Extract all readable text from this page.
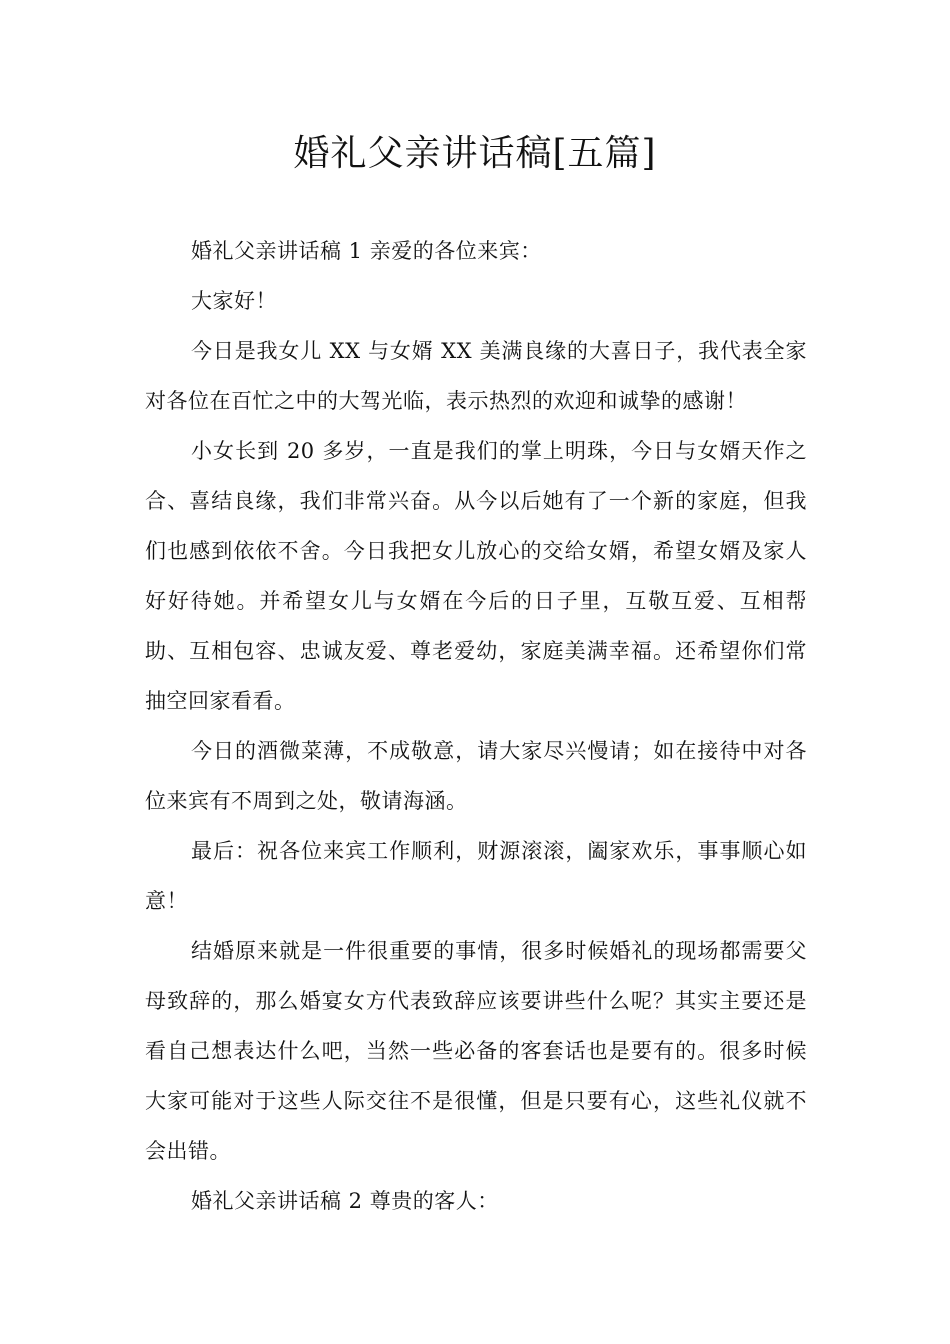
婚礼父亲讲话稿[五篇]

婚礼父亲讲话稿 1 亲爱的各位来宾：

大家好！

今日是我女儿 XX 与女婿 XX 美满良缘的大喜日子，我代表全家对各位在百忙之中的大驾光临，表示热烈的欢迎和诚挚的感谢！

小女长到 20 多岁，一直是我们的掌上明珠，今日与女婿天作之合、喜结良缘，我们非常兴奋。从今以后她有了一个新的家庭，但我们也感到依依不舍。今日我把女儿放心的交给女婿，希望女婿及家人好好待她。并希望女儿与女婿在今后的日子里，互敬互爱、互相帮助、互相包容、忠诚友爱、尊老爱幼，家庭美满幸福。还希望你们常抽空回家看看。

今日的酒微菜薄，不成敬意，请大家尽兴慢请；如在接待中对各位来宾有不周到之处，敬请海涵。

最后：祝各位来宾工作顺利，财源滚滚，阖家欢乐，事事顺心如意！

结婚原来就是一件很重要的事情，很多时候婚礼的现场都需要父母致辞的，那么婚宴女方代表致辞应该要讲些什么呢？其实主要还是看自己想表达什么吧，当然一些必备的客套话也是要有的。很多时候大家可能对于这些人际交往不是很懂，但是只要有心，这些礼仪就不会出错。

婚礼父亲讲话稿 2 尊贵的客人：
